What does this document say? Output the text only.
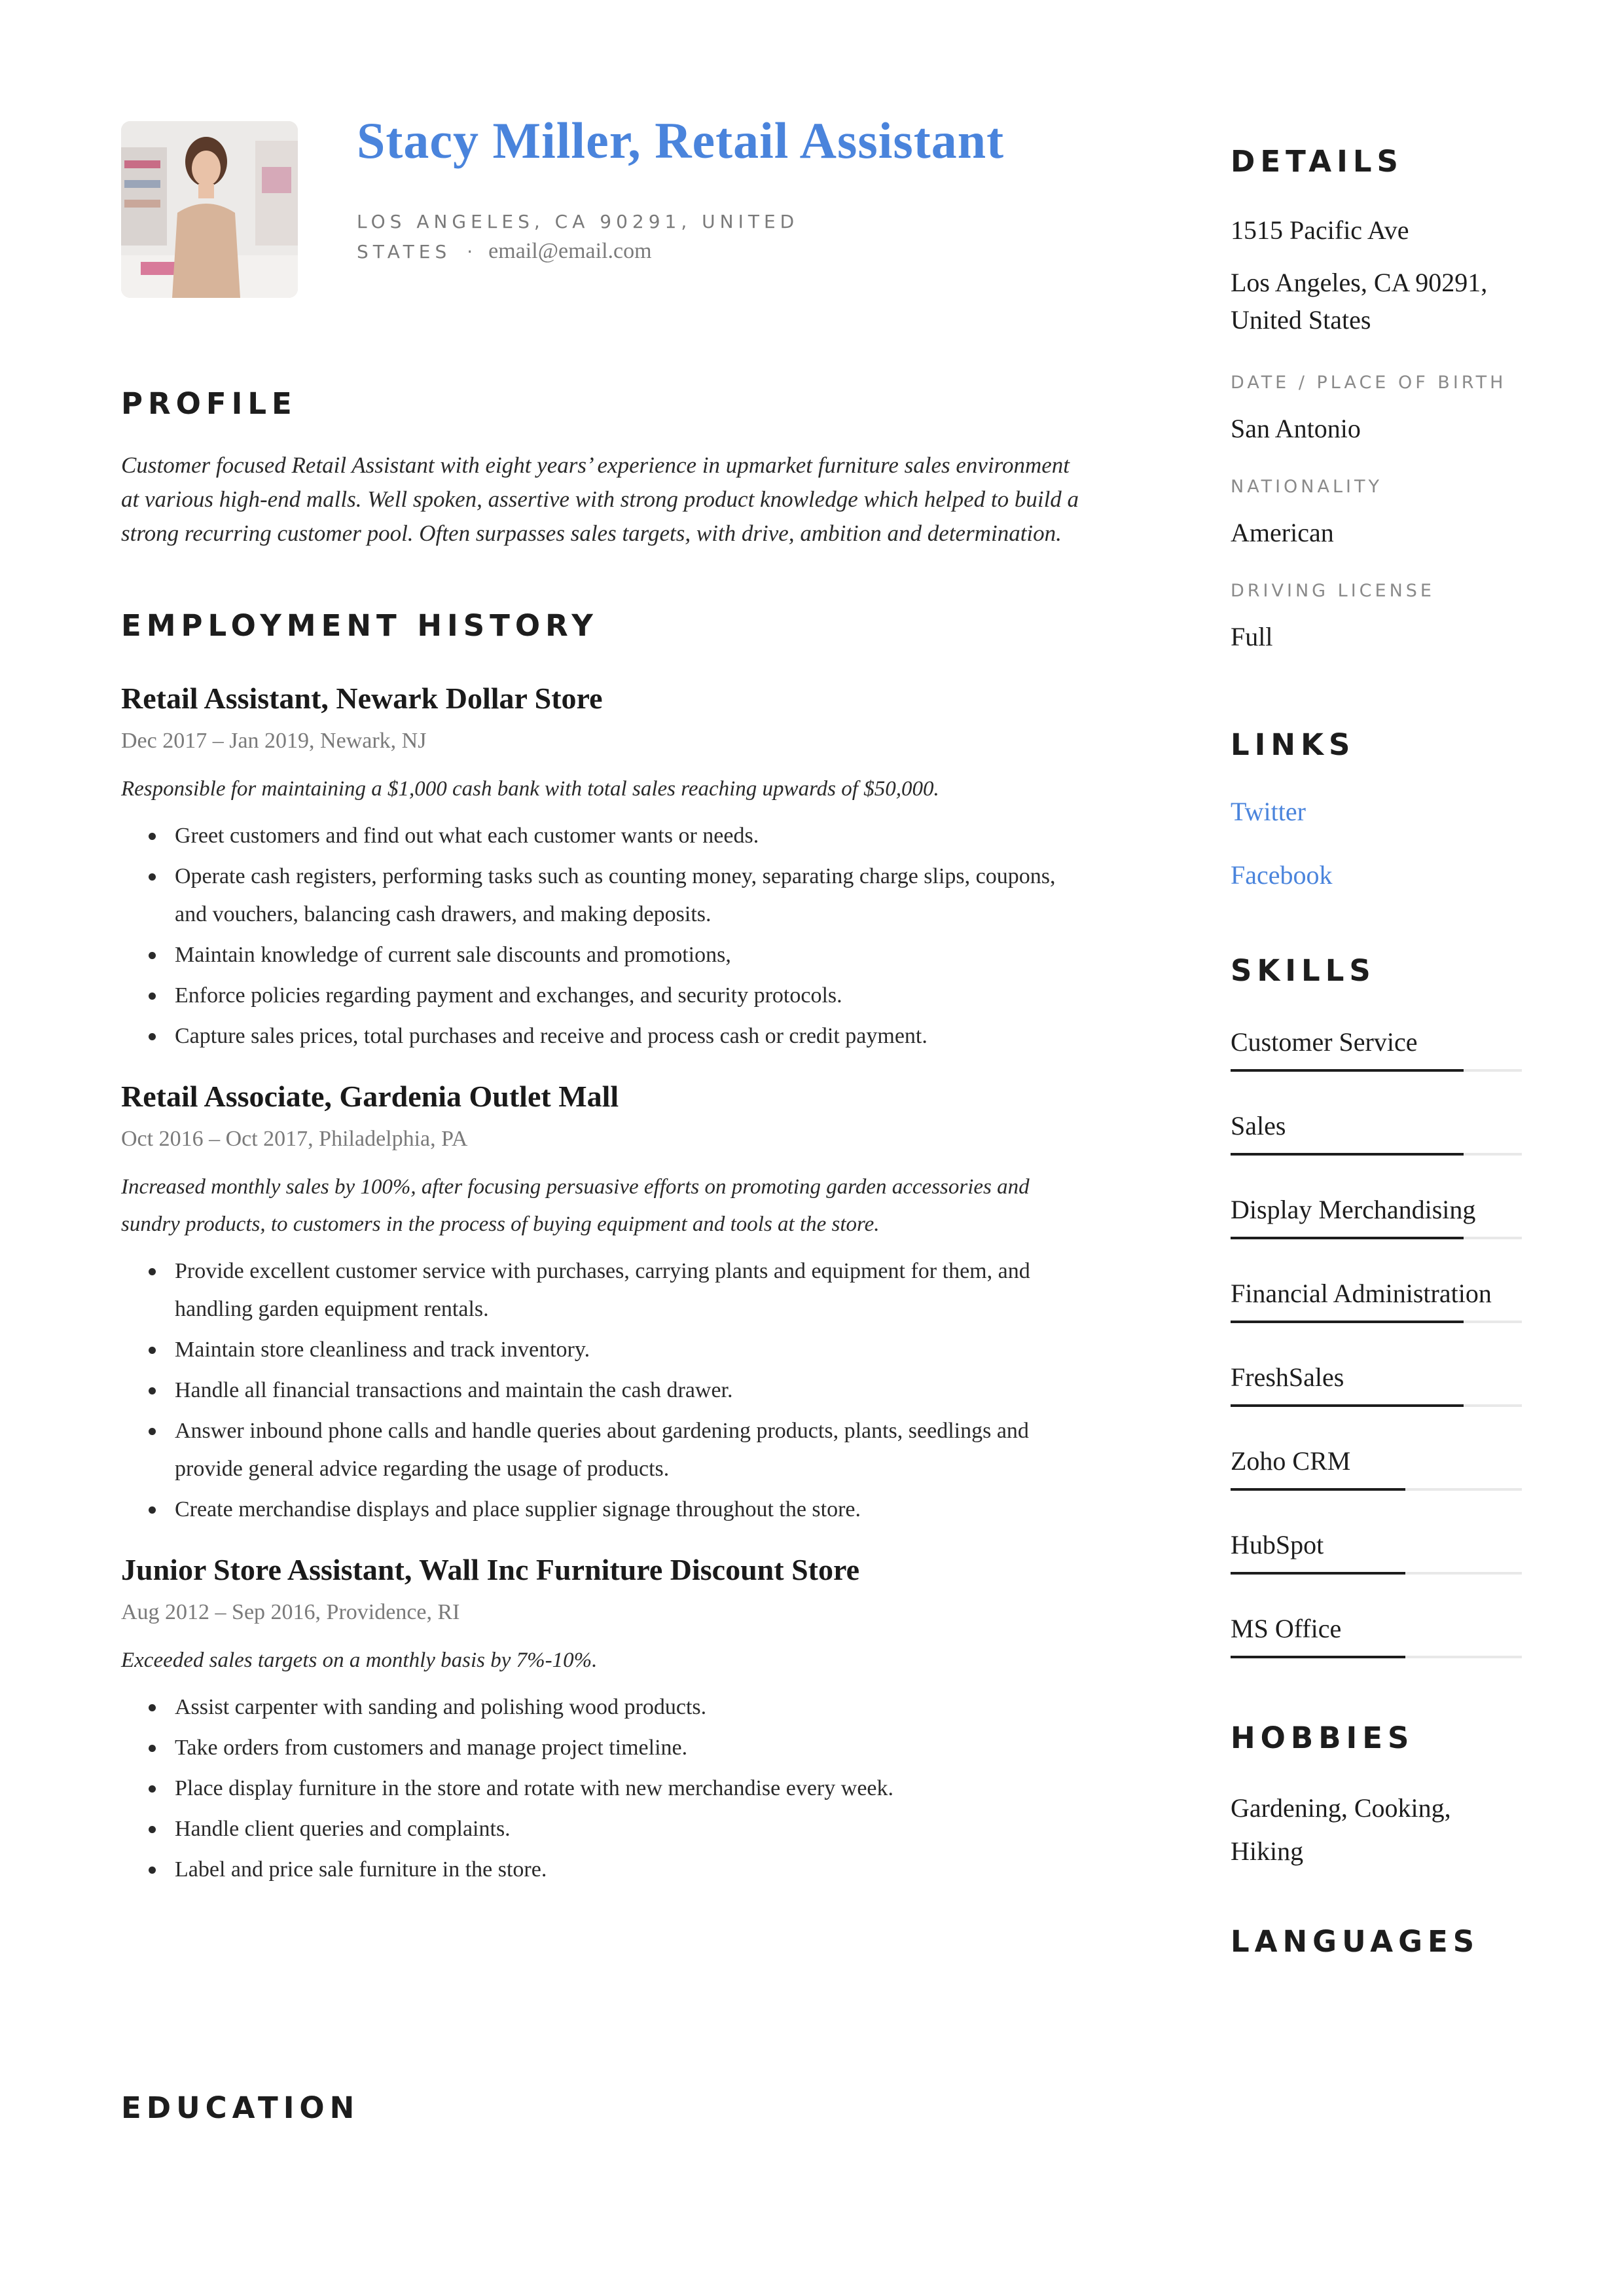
Stacy Miller, Retail Assistant
LOS ANGELES, CA 90291, UNITED
STATES · email@email.com
PROFILE

Customer focused Retail Assistant with eight years’ experience in upmarket furniture sales environment at various high-end malls. Well spoken, assertive with strong product knowledge which helped to build a strong recurring customer pool. Often surpasses sales targets, with drive, ambition and determination.

EMPLOYMENT HISTORY
Retail Assistant, Newark Dollar Store

Dec 2017 – Jan 2019, Newark, NJ

Responsible for maintaining a $1,000 cash bank with total sales reaching upwards of $50,000.

Greet customers and find out what each customer wants or needs.
Operate cash registers, performing tasks such as counting money, separating charge slips, coupons, and vouchers, balancing cash drawers, and making deposits.
Maintain knowledge of current sale discounts and promotions,
Enforce policies regarding payment and exchanges, and security protocols.
Capture sales prices, total purchases and receive and process cash or credit payment.
Retail Associate, Gardenia Outlet Mall

Oct 2016 – Oct 2017, Philadelphia, PA

Increased monthly sales by 100%, after focusing persuasive efforts on promoting garden accessories and sundry products, to customers in the process of buying equipment and tools at the store.

Provide excellent customer service with purchases, carrying plants and equipment for them, and handling garden equipment rentals.
Maintain store cleanliness and track inventory.
Handle all financial transactions and maintain the cash drawer.
Answer inbound phone calls and handle queries about gardening products, plants, seedlings and provide general advice regarding the usage of products.
Create merchandise displays and place supplier signage throughout the store.
Junior Store Assistant, Wall Inc Furniture Discount Store

Aug 2012 – Sep 2016, Providence, RI

Exceeded sales targets on a monthly basis by 7%-10%.

Assist carpenter with sanding and polishing wood products.
Take orders from customers and manage project timeline.
Place display furniture in the store and rotate with new merchandise every week.
Handle client queries and complaints.
Label and price sale furniture in the store.
EDUCATION
DETAILS

1515 Pacific Ave

Los Angeles, CA 90291, United States

DATE / PLACE OF BIRTH

San Antonio

NATIONALITY

American

DRIVING LICENSE

Full

LINKS

Twitter

Facebook

SKILLS

Customer Service

Sales

Display Merchandising

Financial Administration

FreshSales

Zoho CRM

HubSpot

MS Office

HOBBIES

Gardening, Cooking, Hiking

LANGUAGES
